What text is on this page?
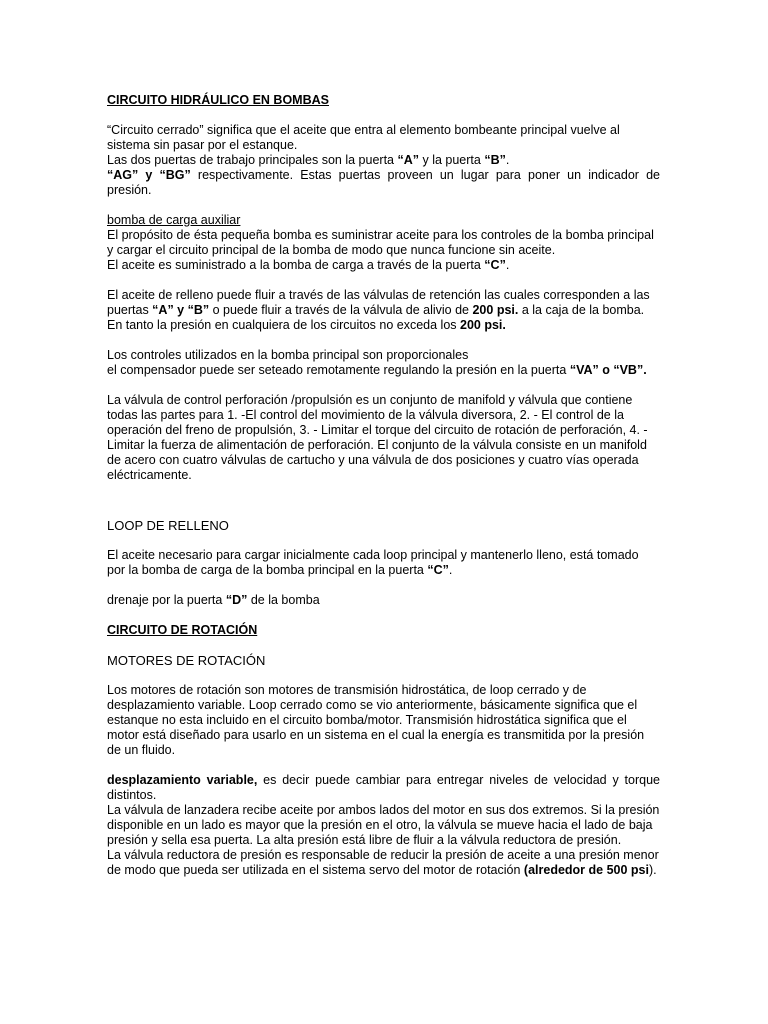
CIRCUITO HIDRÁULICO EN BOMBAS

“Circuito cerrado” significa que el aceite que entra al elemento bombeante principal vuelve al sistema sin pasar por el estanque.

Las dos puertas de trabajo principales son la puerta “A” y la puerta “B”.

“AG” y “BG” respectivamente. Estas puertas proveen un lugar para poner un indicador de presión.

bomba de carga auxiliar

El propósito de ésta pequeña bomba es suministrar aceite para los controles de la bomba principal y cargar el circuito principal de la bomba de modo que nunca funcione sin aceite.

El aceite es suministrado a la bomba de carga a través de la puerta “C”.

El aceite de relleno puede fluir a través de las válvulas de retención las cuales corresponden a las puertas “A” y “B” o puede fluir a través de la válvula de alivio de 200 psi. a la caja de la bomba. En tanto la presión en cualquiera de los circuitos no exceda los 200 psi.

Los controles utilizados en la bomba principal son proporcionales

el compensador puede ser seteado remotamente regulando la presión en la puerta “VA” o “VB”.

La válvula de control perforación /propulsión es un conjunto de manifold y válvula que contiene todas las partes para 1. -El control del movimiento de la válvula diversora, 2. - El control de la operación del freno de propulsión, 3. - Limitar el torque del circuito de rotación de perforación, 4. - Limitar la fuerza de alimentación de perforación. El conjunto de la válvula consiste en un manifold de acero con cuatro válvulas de cartucho y una válvula de dos posiciones y cuatro vías operada eléctricamente.

LOOP DE RELLENO

El aceite necesario para cargar inicialmente cada loop principal y mantenerlo lleno, está tomado por la bomba de carga de la bomba principal en la puerta “C”.

drenaje por la puerta “D” de la bomba

CIRCUITO DE ROTACIÓN

MOTORES DE ROTACIÓN

Los motores de rotación son motores de transmisión hidrostática, de loop cerrado y de desplazamiento variable. Loop cerrado como se vio anteriormente, básicamente significa que el estanque no esta incluido en el circuito bomba/motor. Transmisión hidrostática significa que el motor está diseñado para usarlo en un sistema en el cual la energía es transmitida por la presión de un fluido.

desplazamiento variable, es decir puede cambiar para entregar niveles de velocidad y torque distintos.

La válvula de lanzadera recibe aceite por ambos lados del motor en sus dos extremos. Si la presión disponible en un lado es mayor que la presión en el otro, la válvula se mueve hacia el lado de baja presión y sella esa puerta. La alta presión está libre de fluir a la válvula reductora de presión.

La válvula reductora de presión es responsable de reducir la presión de aceite a una presión menor de modo que pueda ser utilizada en el sistema servo del motor de rotación (alrededor de 500 psi).
